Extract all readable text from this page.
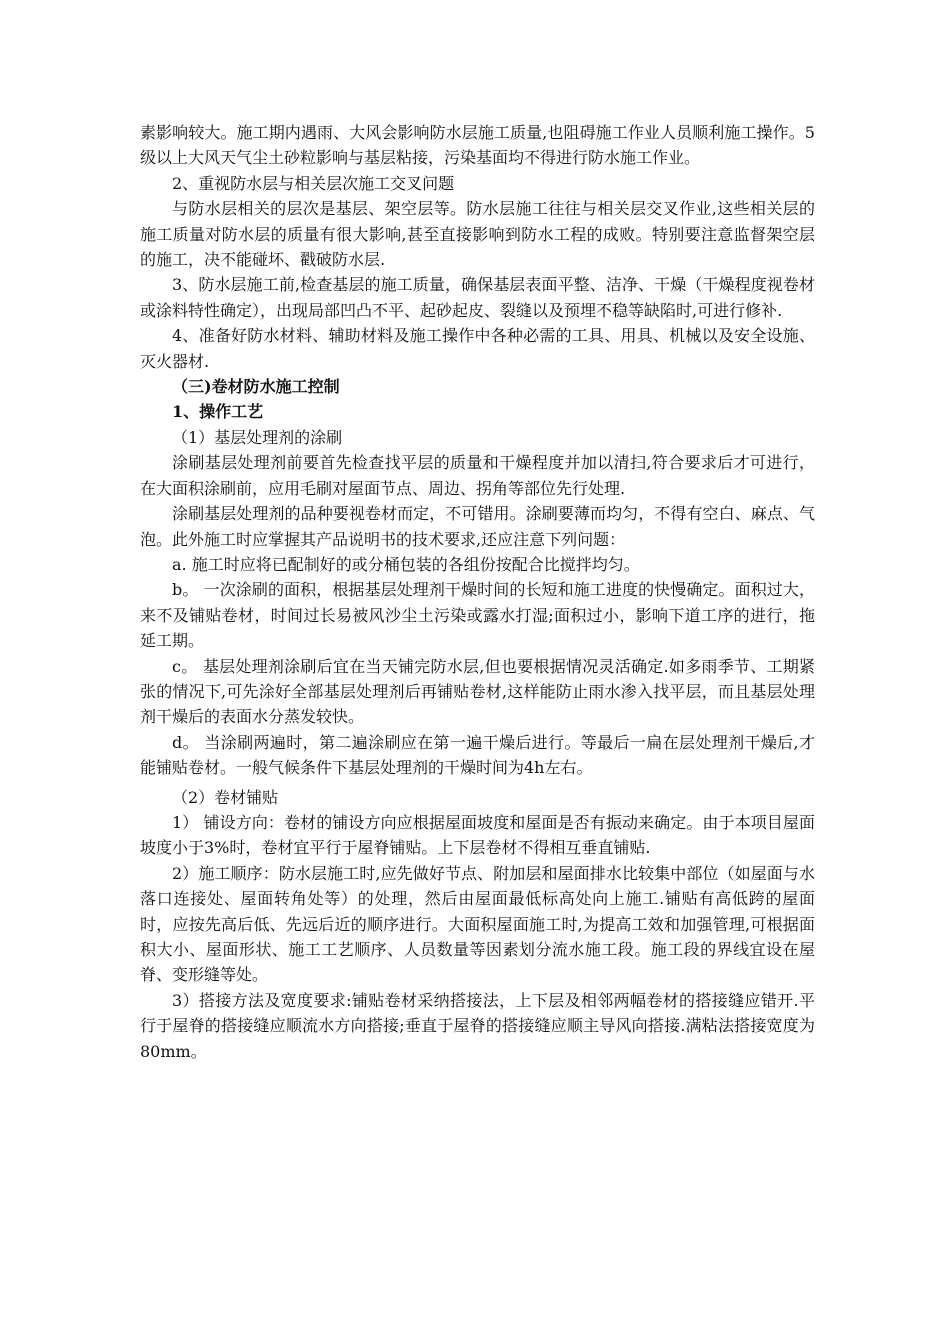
素影响较大。施工期内遇雨、大风会影响防水层施工质量,也阻碍施工作业人员顺利施工操作。5级以上大风天气尘土砂粒影响与基层粘接，污染基面均不得进行防水施工作业。

2、重视防水层与相关层次施工交叉问题

与防水层相关的层次是基层、架空层等。防水层施工往往与相关层交叉作业,这些相关层的施工质量对防水层的质量有很大影响,甚至直接影响到防水工程的成败。特别要注意监督架空层的施工，决不能碰坏、戳破防水层.

3、防水层施工前,检查基层的施工质量，确保基层表面平整、洁净、干燥（干燥程度视卷材或涂料特性确定），出现局部凹凸不平、起砂起皮、裂缝以及预埋不稳等缺陷时,可进行修补.

4、准备好防水材料、辅助材料及施工操作中各种必需的工具、用具、机械以及安全设施、灭火器材.

（三)卷材防水施工控制

1、操作工艺

（1）基层处理剂的涂刷

涂刷基层处理剂前要首先检查找平层的质量和干燥程度并加以清扫,符合要求后才可进行，在大面积涂刷前，应用毛刷对屋面节点、周边、拐角等部位先行处理.

涂刷基层处理剂的品种要视卷材而定，不可错用。涂刷要薄而均匀，不得有空白、麻点、气泡。此外施工时应掌握其产品说明书的技术要求,还应注意下列问题：

a. 施工时应将已配制好的或分桶包装的各组份按配合比搅拌均匀。

b。 一次涂刷的面积，根据基层处理剂干燥时间的长短和施工进度的快慢确定。面积过大，来不及铺贴卷材，时间过长易被风沙尘土污染或露水打湿;面积过小，影响下道工序的进行，拖延工期。

c。 基层处理剂涂刷后宜在当天铺完防水层,但也要根据情况灵活确定.如多雨季节、工期紧张的情况下,可先涂好全部基层处理剂后再铺贴卷材,这样能防止雨水渗入找平层，而且基层处理剂干燥后的表面水分蒸发较快。

d。 当涂刷两遍时，第二遍涂刷应在第一遍干燥后进行。等最后一扁在层处理剂干燥后,才能铺贴卷材。一般气候条件下基层处理剂的干燥时间为4h左右。

（2）卷材铺贴

1） 铺设方向：卷材的铺设方向应根据屋面坡度和屋面是否有振动来确定。由于本项目屋面坡度小于3%时，卷材宜平行于屋脊铺贴。上下层卷材不得相互垂直铺贴.

2）施工顺序：防水层施工时,应先做好节点、附加层和屋面排水比较集中部位（如屋面与水落口连接处、屋面转角处等）的处理，然后由屋面最低标高处向上施工.铺贴有高低跨的屋面时，应按先高后低、先远后近的顺序进行。大面积屋面施工时,为提高工效和加强管理,可根据面积大小、屋面形状、施工工艺顺序、人员数量等因素划分流水施工段。施工段的界线宜设在屋脊、变形缝等处。

3）搭接方法及宽度要求:铺贴卷材采纳搭接法，上下层及相邻两幅卷材的搭接缝应错开.平行于屋脊的搭接缝应顺流水方向搭接;垂直于屋脊的搭接缝应顺主导风向搭接.满粘法搭接宽度为80mm。
